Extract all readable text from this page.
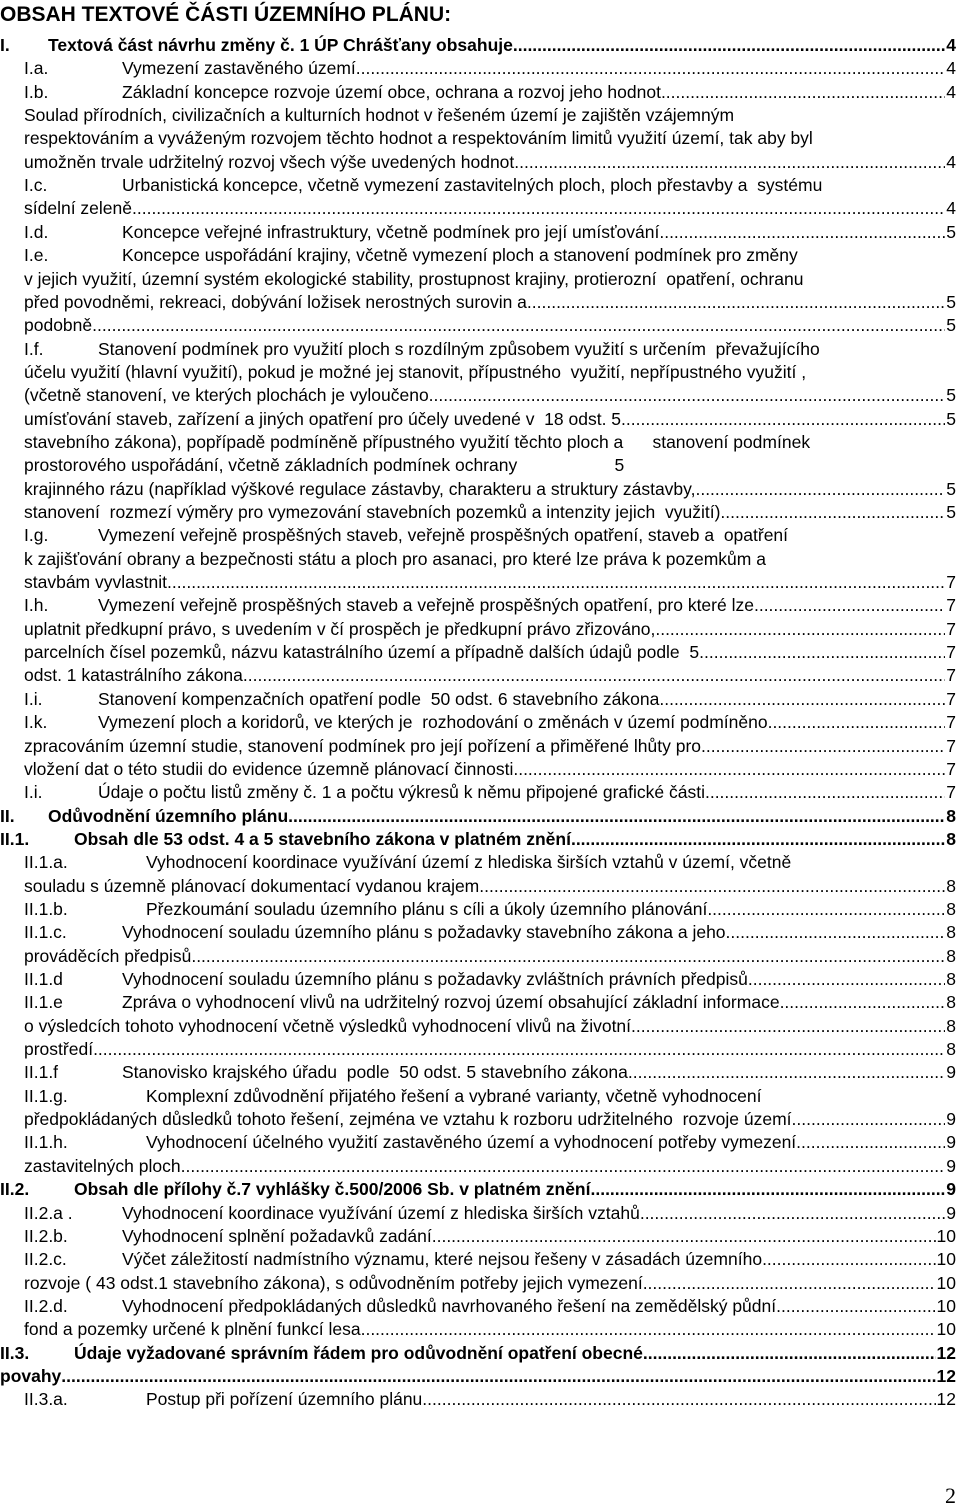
OBSAH TEXTOVÉ ČÁSTI ÚZEMNÍHO PLÁNU:
I.	Textová část návrhu změny č. 1 ÚP Chrášťany obsahuje .....	4
I.a.	Vymezení zastavěného území .....	4
I.b.	Základní koncepce rozvoje území obce, ochrana a rozvoj jeho hodnot .....	4
Soulad přírodních, civilizačních a kulturních hodnot v řešeném území je zajištěn vzájemným
respektováním a vyváženým rozvojem těchto hodnot a respektováním limitů využití území, tak aby byl
umožněn trvale udržitelný rozvoj všech výše uvedených hodnot. .....	4
I.c.	Urbanistická koncepce, včetně vymezení zastavitelných ploch, ploch přestavby a  systému
sídelní zeleně .....	4
I.d.	Koncepce veřejné infrastruktury, včetně podmínek pro její umísťování .....	5
I.e.	Koncepce uspořádání krajiny, včetně vymezení ploch a stanovení podmínek pro změny
v jejich využití, územní systém ekologické stability, prostupnost krajiny, protierozní  opatření, ochranu
před povodněmi, rekreaci, dobývání ložisek nerostných surovin a .....	5
podobně .....	5
I.f.	Stanovení podmínek pro využití ploch s rozdílným způsobem využití s určením  převažujícího
účelu využití (hlavní využití), pokud je možné jej stanovit, přípustného  využití, nepřípustného využití ,
(včetně stanovení, ve kterých plochách je vyloučeno .....	5
umísťování staveb, zařízení a jiných opatření pro účely uvedené v  18 odst. 5 .....	5
stavebního zákona), popřípadě podmíněně přípustného využití těchto ploch a      stanovení podmínek
prostorového uspořádání, včetně základních podmínek ochrany                    5
krajinného rázu (například výškové regulace zástavby, charakteru a struktury zástavby, .....	5
stanovení  rozmezí výměry pro vymezování stavebních pozemků a intenzity jejich  využití) .....	5
I.g.	Vymezení veřejně prospěšných staveb, veřejně prospěšných opatření, staveb a  opatření
k zajišťování obrany a bezpečnosti státu a ploch pro asanaci, pro které lze práva k pozemkům a
stavbám vyvlastnit .....	7
I.h.	Vymezení veřejně prospěšných staveb a veřejně prospěšných opatření, pro které lze .....	7
uplatnit předkupní právo, s uvedením v čí prospěch je předkupní právo zřizováno, .....	7
parcelních čísel pozemků, názvu katastrálního území a případně dalších údajů podle  5 .....	7
odst. 1 katastrálního zákona .....	7
I.i.	Stanovení kompenzačních opatření podle  50 odst. 6 stavebního zákona .....	7
I.k.	Vymezení ploch a koridorů, ve kterých je  rozhodování o změnách v území podmíněno .....	7
zpracováním územní studie, stanovení podmínek pro její pořízení a přiměřené lhůty pro .....	7
vložení dat o této studii do evidence územně plánovací činnosti .....	7
I.i.	Údaje o počtu listů změny č. 1 a počtu výkresů k němu připojené grafické části .....	7
II.	Odůvodnění územního plánu .....	8
II.1.	Obsah dle 53 odst. 4 a 5 stavebního zákona v platném znění .....	8
II.1.a.	Vyhodnocení koordinace využívání území z hlediska širších vztahů v území, včetně
souladu s územně plánovací dokumentací vydanou krajem .....	8
II.1.b.	Přezkoumání souladu územního plánu s cíli a úkoly územního plánování .....	8
II.1.c.	Vyhodnocení souladu územního plánu s požadavky stavebního zákona a jeho .....	8
prováděcích předpisů .....	8
II.1.d	Vyhodnocení souladu územního plánu s požadavky zvláštních právních předpisů .....	8
II.1.e	Zpráva o vyhodnocení vlivů na udržitelný rozvoj území obsahující základní informace .....	8
o výsledcích tohoto vyhodnocení včetně výsledků vyhodnocení vlivů na životní .....	8
prostředí .....	8
II.1.f	Stanovisko krajského úřadu  podle  50 odst. 5 stavebního zákona .....	9
II.1.g.	Komplexní zdůvodnění přijatého řešení a vybrané varianty, včetně vyhodnocení
předpokládaných důsledků tohoto řešení, zejména ve vztahu k rozboru udržitelného  rozvoje území .....	9
II.1.h.	Vyhodnocení účelného využití zastavěného území a vyhodnocení potřeby vymezení .....	9
zastavitelných ploch .....	9
II.2.	Obsah dle přílohy č.7 vyhlášky č.500/2006 Sb. v platném znění .....	9
II.2.a .	Vyhodnocení koordinace využívání území z hlediska širších vztahů .....	9
II.2.b.	Vyhodnocení splnění požadavků zadání .....	10
II.2.c.	Výčet záležitostí nadmístního významu, které nejsou řešeny v zásadách územního .....	10
rozvoje ( 43 odst.1 stavebního zákona), s odůvodněním potřeby jejich vymezení .....	10
II.2.d.	Vyhodnocení předpokládaných důsledků navrhovaného řešení na zemědělský půdní .....	10
fond a pozemky určené k plnění funkcí lesa. .....	10
II.3.	Údaje vyžadované správním řádem pro odůvodnění opatření obecné .....	12
povahy .....	12
II.3.a.	Postup při pořízení územního plánu .....	12
2
